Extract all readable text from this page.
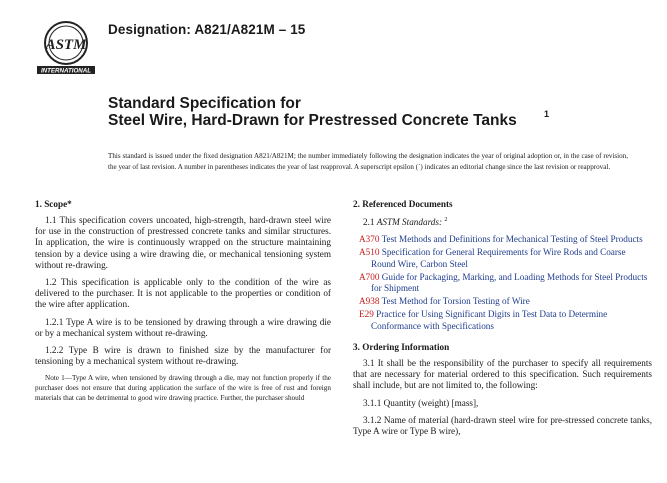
ASTM
INTERNATIONAL
Designation: A821/A821M – 15
Standard Specification for
Steel Wire, Hard-Drawn for Prestressed Concrete Tanks	1
This standard is issued under the fixed designation A821/A821M; the number immediately following the designation indicates the year of original adoption or, in the case of revision, the year of last revision. A number in parentheses indicates the year of last reapproval. A superscript epsilon (´) indicates an editorial change since the last revision or reapproval.
1. Scope*

1.1 This specification covers uncoated, high-strength, hard-drawn steel wire for use in the construction of prestressed concrete tanks and similar structures. In application, the wire is continuously wrapped on the structure maintaining tension by a device using a wire drawing die, or mechanical tensioning system without re-drawing.

1.2 This specification is applicable only to the condition of the wire as delivered to the purchaser. It is not applicable to the properties or condition of the wire after application.

1.2.1 Type A wire is to be tensioned by drawing through a wire drawing die or by a mechanical system without re-drawing.

1.2.2 Type B wire is drawn to finished size by the manufacturer for tensioning by a mechanical system without re-drawing.

Note 1—Type A wire, when tensioned by drawing through a die, may not function properly if the purchaser does not ensure that during application the surface of the wire is free of rust and foreign materials that can be detrimental to good wire drawing practice. Further, the purchaser should
2. Referenced Documents

2.1 ASTM Standards: $^2$

A370 Test Methods and Definitions for Mechanical Testing of Steel Products
A510 Specification for General Requirements for Wire Rods and Coarse Round Wire, Carbon Steel
A700 Guide for Packaging, Marking, and Loading Methods for Steel Products for Shipment
A938 Test Method for Torsion Testing of Wire
E29 Practice for Using Significant Digits in Test Data to Determine Conformance with Specifications
3. Ordering Information

3.1 It shall be the responsibility of the purchaser to specify all requirements that are necessary for material ordered to this specification. Such requirements shall include, but are not limited to, the following:

3.1.1 Quantity (weight) [mass],

3.1.2 Name of material (hard-drawn steel wire for pre-stressed concrete tanks, Type A wire or Type B wire),
